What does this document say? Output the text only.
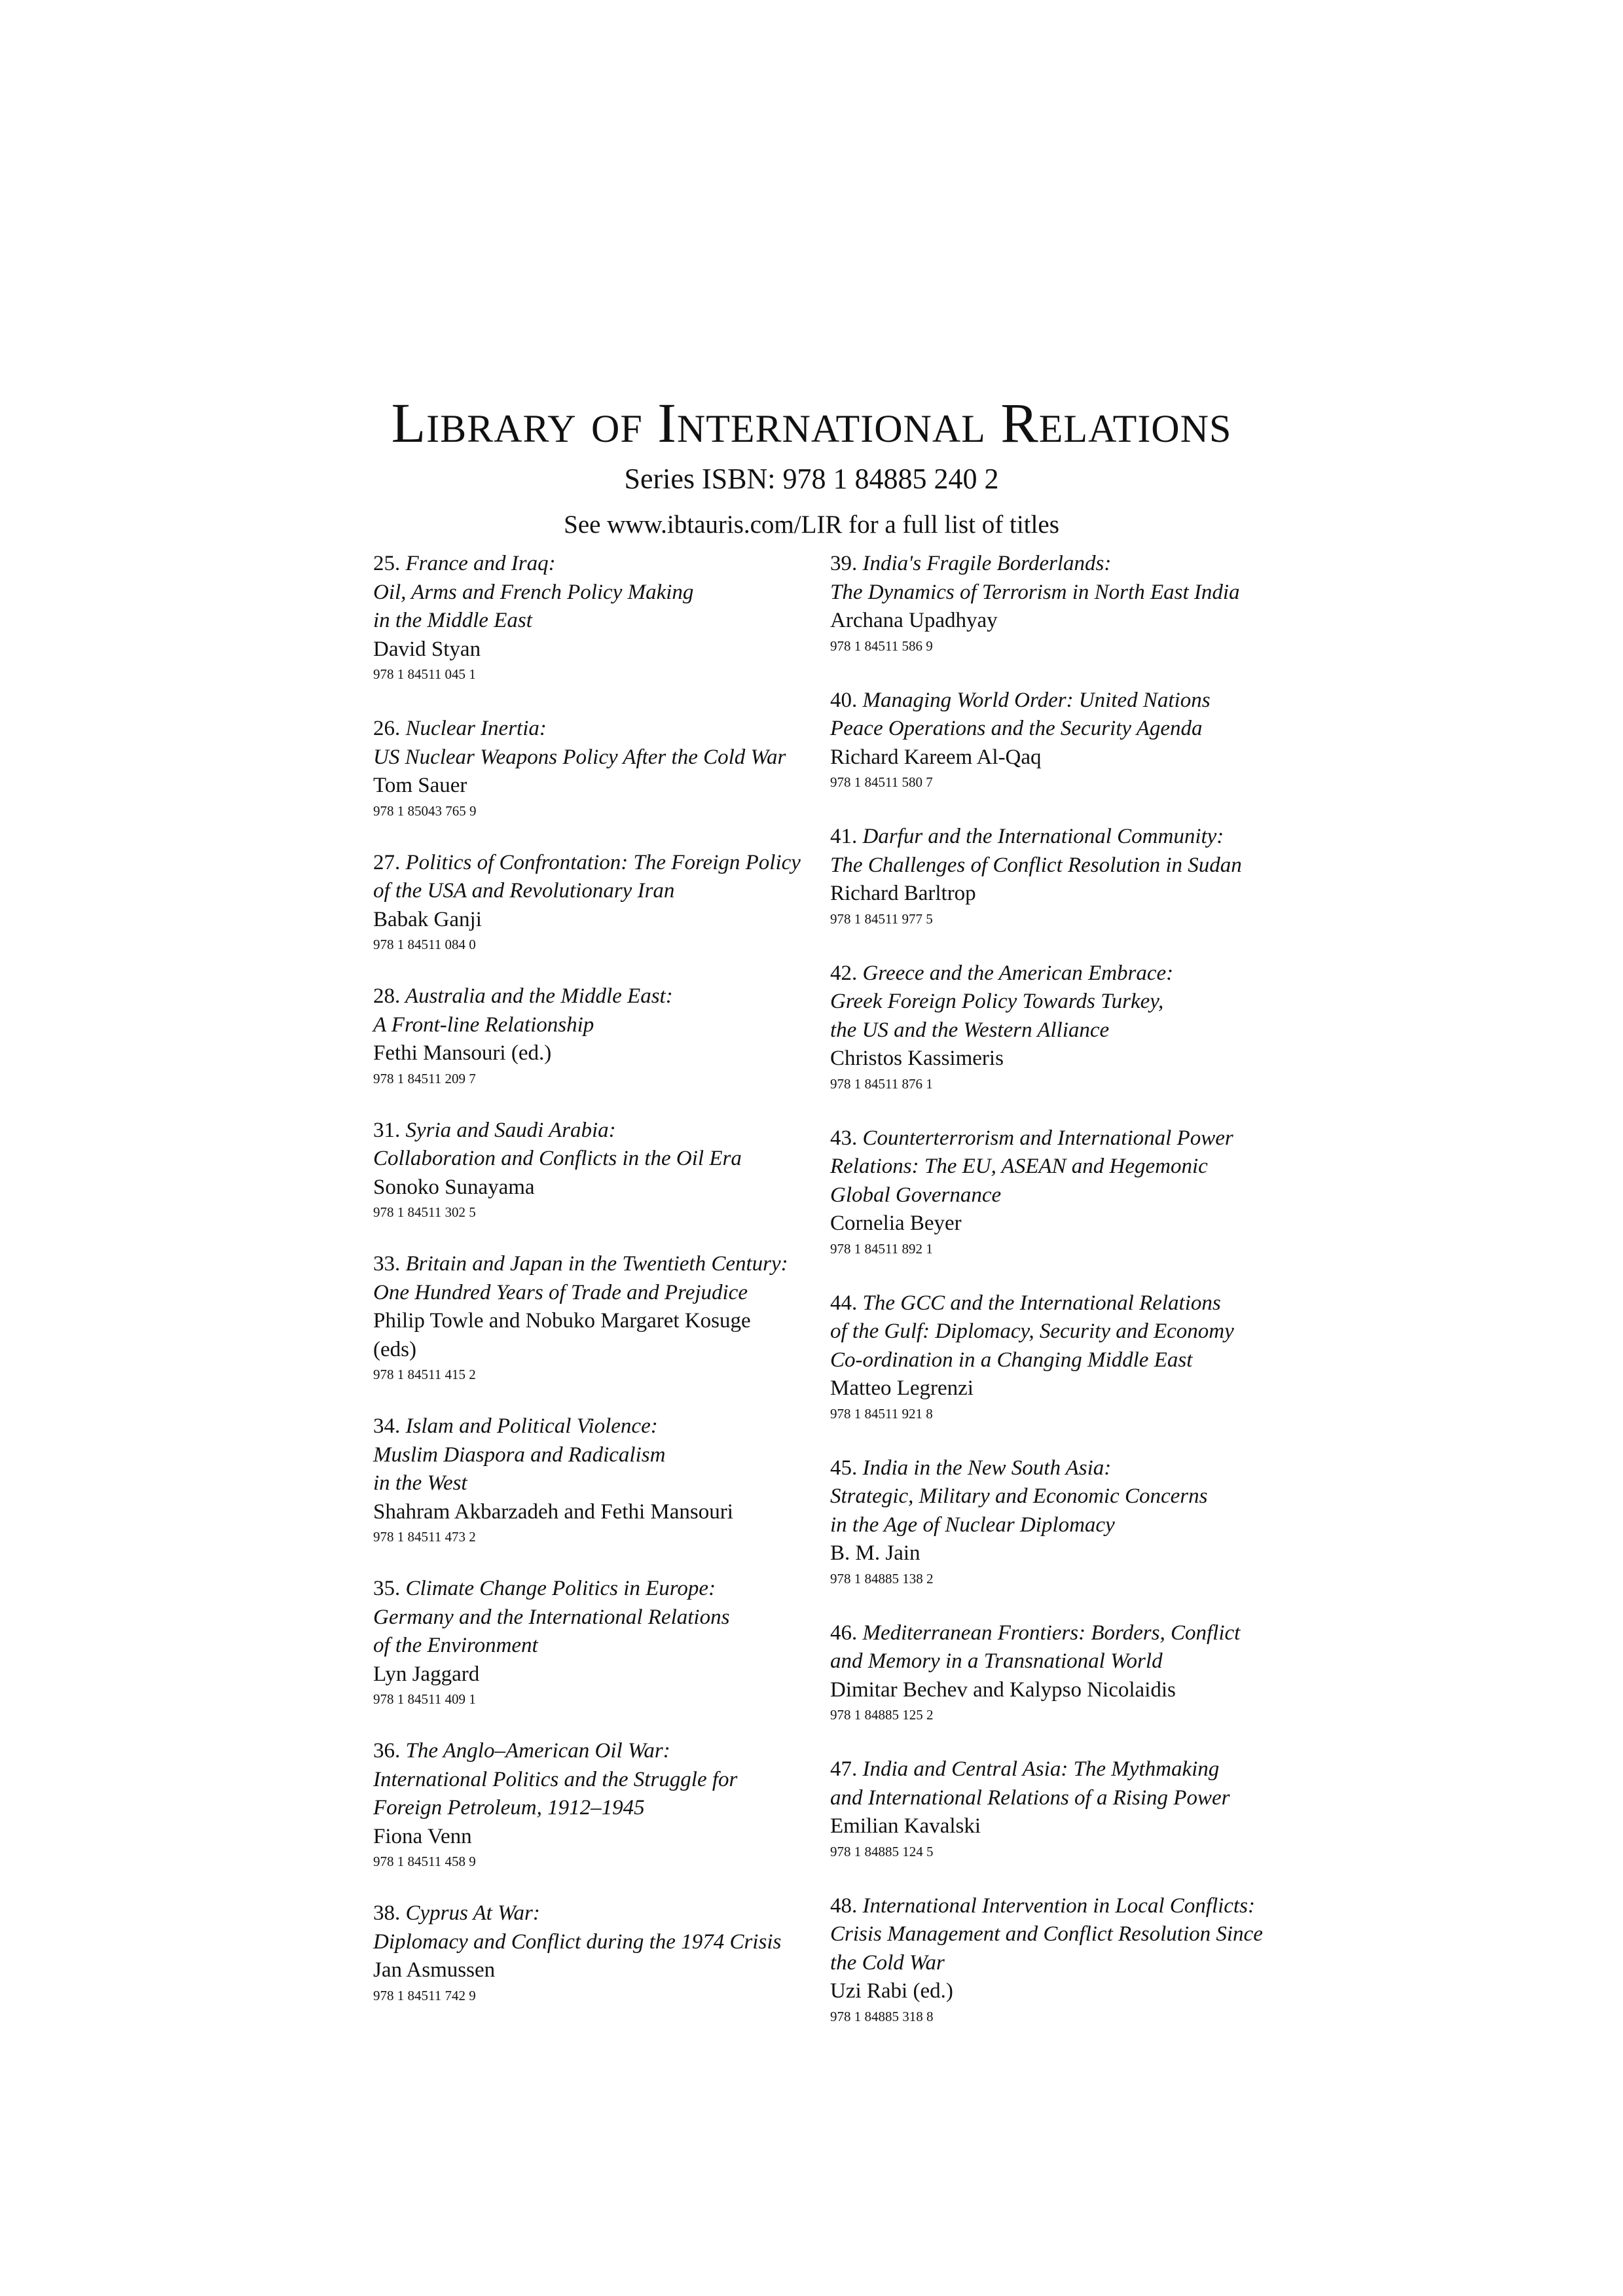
Library of International Relations
Series ISBN: 978 1 84885 240 2
See www.ibtauris.com/LIR for a full list of titles
25. France and Iraq:
Oil, Arms and French Policy Making
in the Middle East
David Styan
978 1 84511 045 1
26. Nuclear Inertia:
US Nuclear Weapons Policy After the Cold War
Tom Sauer
978 1 85043 765 9
27. Politics of Confrontation: The Foreign Policy
of the USA and Revolutionary Iran
Babak Ganji
978 1 84511 084 0
28. Australia and the Middle East:
A Front-line Relationship
Fethi Mansouri (ed.)
978 1 84511 209 7
31. Syria and Saudi Arabia:
Collaboration and Conflicts in the Oil Era
Sonoko Sunayama
978 1 84511 302 5
33. Britain and Japan in the Twentieth Century:
One Hundred Years of Trade and Prejudice
Philip Towle and Nobuko Margaret Kosuge
(eds)
978 1 84511 415 2
34. Islam and Political Violence:
Muslim Diaspora and Radicalism
in the West
Shahram Akbarzadeh and Fethi Mansouri
978 1 84511 473 2
35. Climate Change Politics in Europe:
Germany and the International Relations
of the Environment
Lyn Jaggard
978 1 84511 409 1
36. The Anglo–American Oil War:
International Politics and the Struggle for
Foreign Petroleum, 1912–1945
Fiona Venn
978 1 84511 458 9
38. Cyprus At War:
Diplomacy and Conflict during the 1974 Crisis
Jan Asmussen
978 1 84511 742 9
39. India's Fragile Borderlands:
The Dynamics of Terrorism in North East India
Archana Upadhyay
978 1 84511 586 9
40. Managing World Order: United Nations
Peace Operations and the Security Agenda
Richard Kareem Al-Qaq
978 1 84511 580 7
41. Darfur and the International Community:
The Challenges of Conflict Resolution in Sudan
Richard Barltrop
978 1 84511 977 5
42. Greece and the American Embrace:
Greek Foreign Policy Towards Turkey,
the US and the Western Alliance
Christos Kassimeris
978 1 84511 876 1
43. Counterterrorism and International Power
Relations: The EU, ASEAN and Hegemonic
Global Governance
Cornelia Beyer
978 1 84511 892 1
44. The GCC and the International Relations
of the Gulf: Diplomacy, Security and Economy
Co-ordination in a Changing Middle East
Matteo Legrenzi
978 1 84511 921 8
45. India in the New South Asia:
Strategic, Military and Economic Concerns
in the Age of Nuclear Diplomacy
B. M. Jain
978 1 84885 138 2
46. Mediterranean Frontiers: Borders, Conflict
and Memory in a Transnational World
Dimitar Bechev and Kalypso Nicolaidis
978 1 84885 125 2
47. India and Central Asia: The Mythmaking
and International Relations of a Rising Power
Emilian Kavalski
978 1 84885 124 5
48. International Intervention in Local Conflicts:
Crisis Management and Conflict Resolution Since
the Cold War
Uzi Rabi (ed.)
978 1 84885 318 8
